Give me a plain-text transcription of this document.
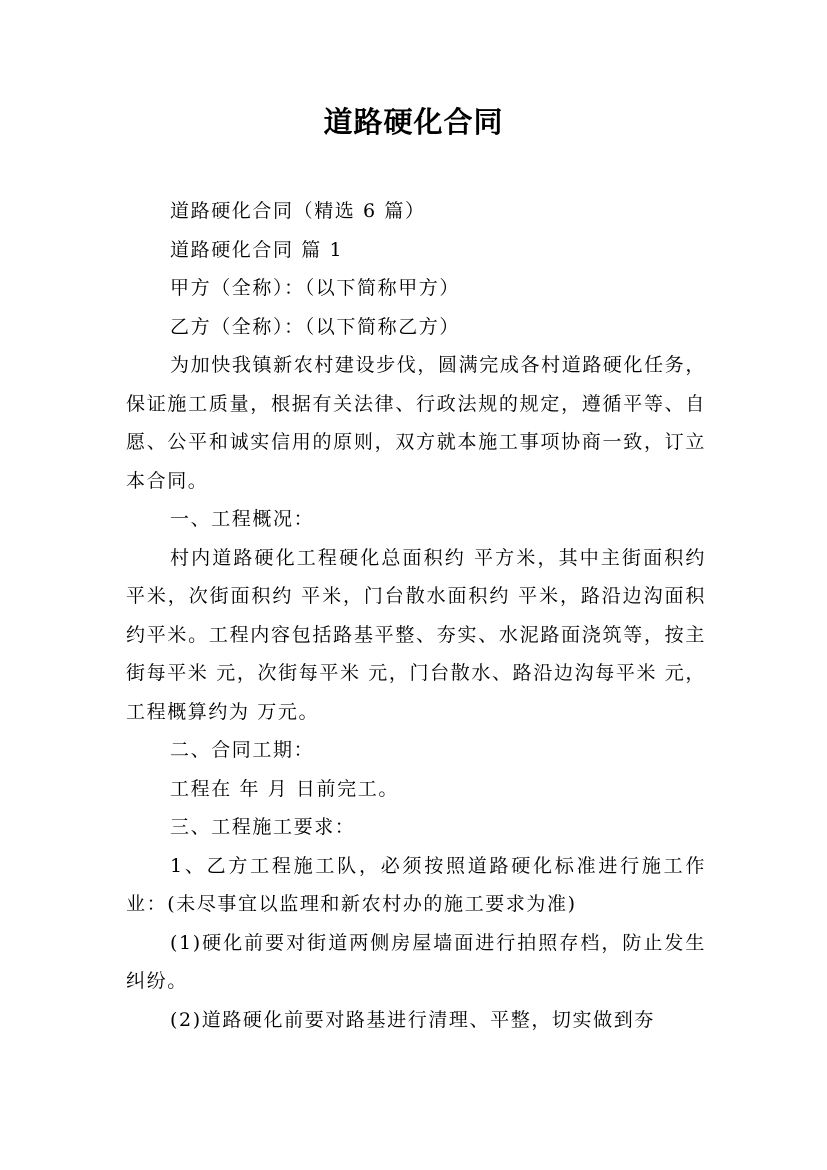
道路硬化合同

道路硬化合同（精选 6 篇）

道路硬化合同 篇 1

甲方（全称）：（以下简称甲方）

乙方（全称）：（以下简称乙方）

为加快我镇新农村建设步伐，圆满完成各村道路硬化任务，保证施工质量，根据有关法律、行政法规的规定，遵循平等、自愿、公平和诚实信用的原则，双方就本施工事项协商一致，订立本合同。

一、工程概况：

村内道路硬化工程硬化总面积约 平方米，其中主街面积约 平米，次街面积约 平米，门台散水面积约 平米，路沿边沟面积约平米。工程内容包括路基平整、夯实、水泥路面浇筑等，按主街每平米 元，次街每平米 元，门台散水、路沿边沟每平米 元，工程概算约为 万元。

二、合同工期：

工程在 年 月 日前完工。

三、工程施工要求：

1、乙方工程施工队，必须按照道路硬化标准进行施工作业：(未尽事宜以监理和新农村办的施工要求为准)

(1)硬化前要对街道两侧房屋墙面进行拍照存档，防止发生纠纷。

(2)道路硬化前要对路基进行清理、平整，切实做到夯
